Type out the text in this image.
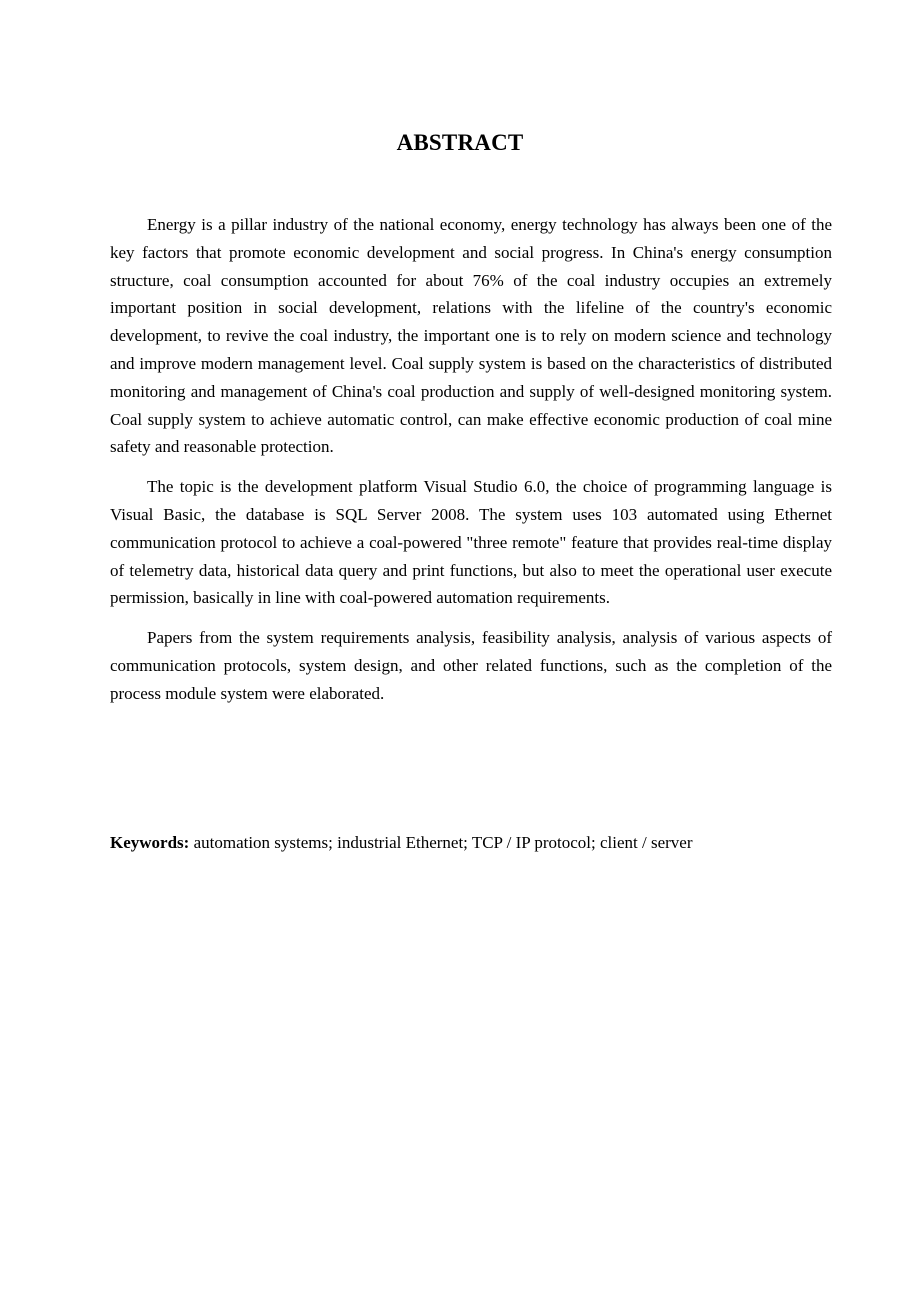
ABSTRACT

Energy is a pillar industry of the national economy, energy technology has always been one of the key factors that promote economic development and social progress. In China's energy consumption structure, coal consumption accounted for about 76% of the coal industry occupies an extremely important position in social development, relations with the lifeline of the country's economic development, to revive the coal industry, the important one is to rely on modern science and technology and improve modern management level. Coal supply system is based on the characteristics of distributed monitoring and management of China's coal production and supply of well-designed monitoring system. Coal supply system to achieve automatic control, can make effective economic production of coal mine safety and reasonable protection.

The topic is the development platform Visual Studio 6.0, the choice of programming language is Visual Basic, the database is SQL Server 2008. The system uses 103 automated using Ethernet communication protocol to achieve a coal-powered "three remote" feature that provides real-time display of telemetry data, historical data query and print functions, but also to meet the operational user execute permission, basically in line with coal-powered automation requirements.

Papers from the system requirements analysis, feasibility analysis, analysis of various aspects of communication protocols, system design, and other related functions, such as the completion of the process module system were elaborated.

Keywords: automation systems; industrial Ethernet; TCP / IP protocol; client / server
